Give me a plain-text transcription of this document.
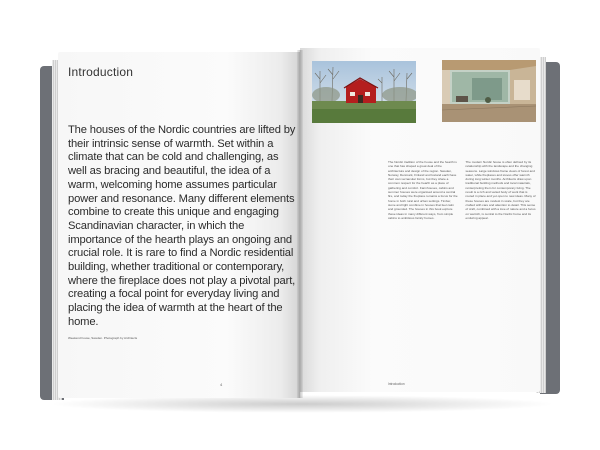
Introduction
The houses of the Nordic countries are lifted by their intrinsic sense of warmth. Set within a climate that can be cold and challenging, as well as bracing and beautiful, the idea of a warm, welcoming home assumes particular power and resonance. Many different elements combine to create this unique and engaging Scandinavian character, in which the importance of the hearth plays an ongoing and crucial role. It is rare to find a Nordic residential building, whether traditional or contemporary, where the fireplace does not play a pivotal part, creating a focal point for everyday living and placing the idea of warmth at the heart of the home.
Weekend house, Sweden. Photograph by Architects
4
The Nordic tradition of the house and the hearth is one that has shaped a great deal of the architecture and design of the region. Sweden, Norway, Denmark, Finland and Iceland each have their own vernacular forms, but they share a common respect for the hearth as a place of gathering and comfort. Farmhouses, cabins and summer houses were organised around a central fire, and today the fireplace remains a focus for the home in both rural and urban settings. Timber, stone and light combine in houses that feel calm and grounded. The houses in this book explore these ideas in many different ways, from simple cabins to ambitious family homes.
The modern Nordic house is often defined by its relationship with the landscape and the changing seasons. Large windows frame views of forest and water, while fireplaces and stoves offer warmth during long winter months. Architects draw upon traditional building methods and local materials, reinterpreting them for contemporary living. The result is a rich and varied body of work that is rooted in place and yet open to new ideas. Many of these houses are modest in scale, but they are crafted with care and attention to detail. This sense of craft, combined with a love of nature and a focus on warmth, is central to the Nordic home and its enduring appeal.
Introduction
